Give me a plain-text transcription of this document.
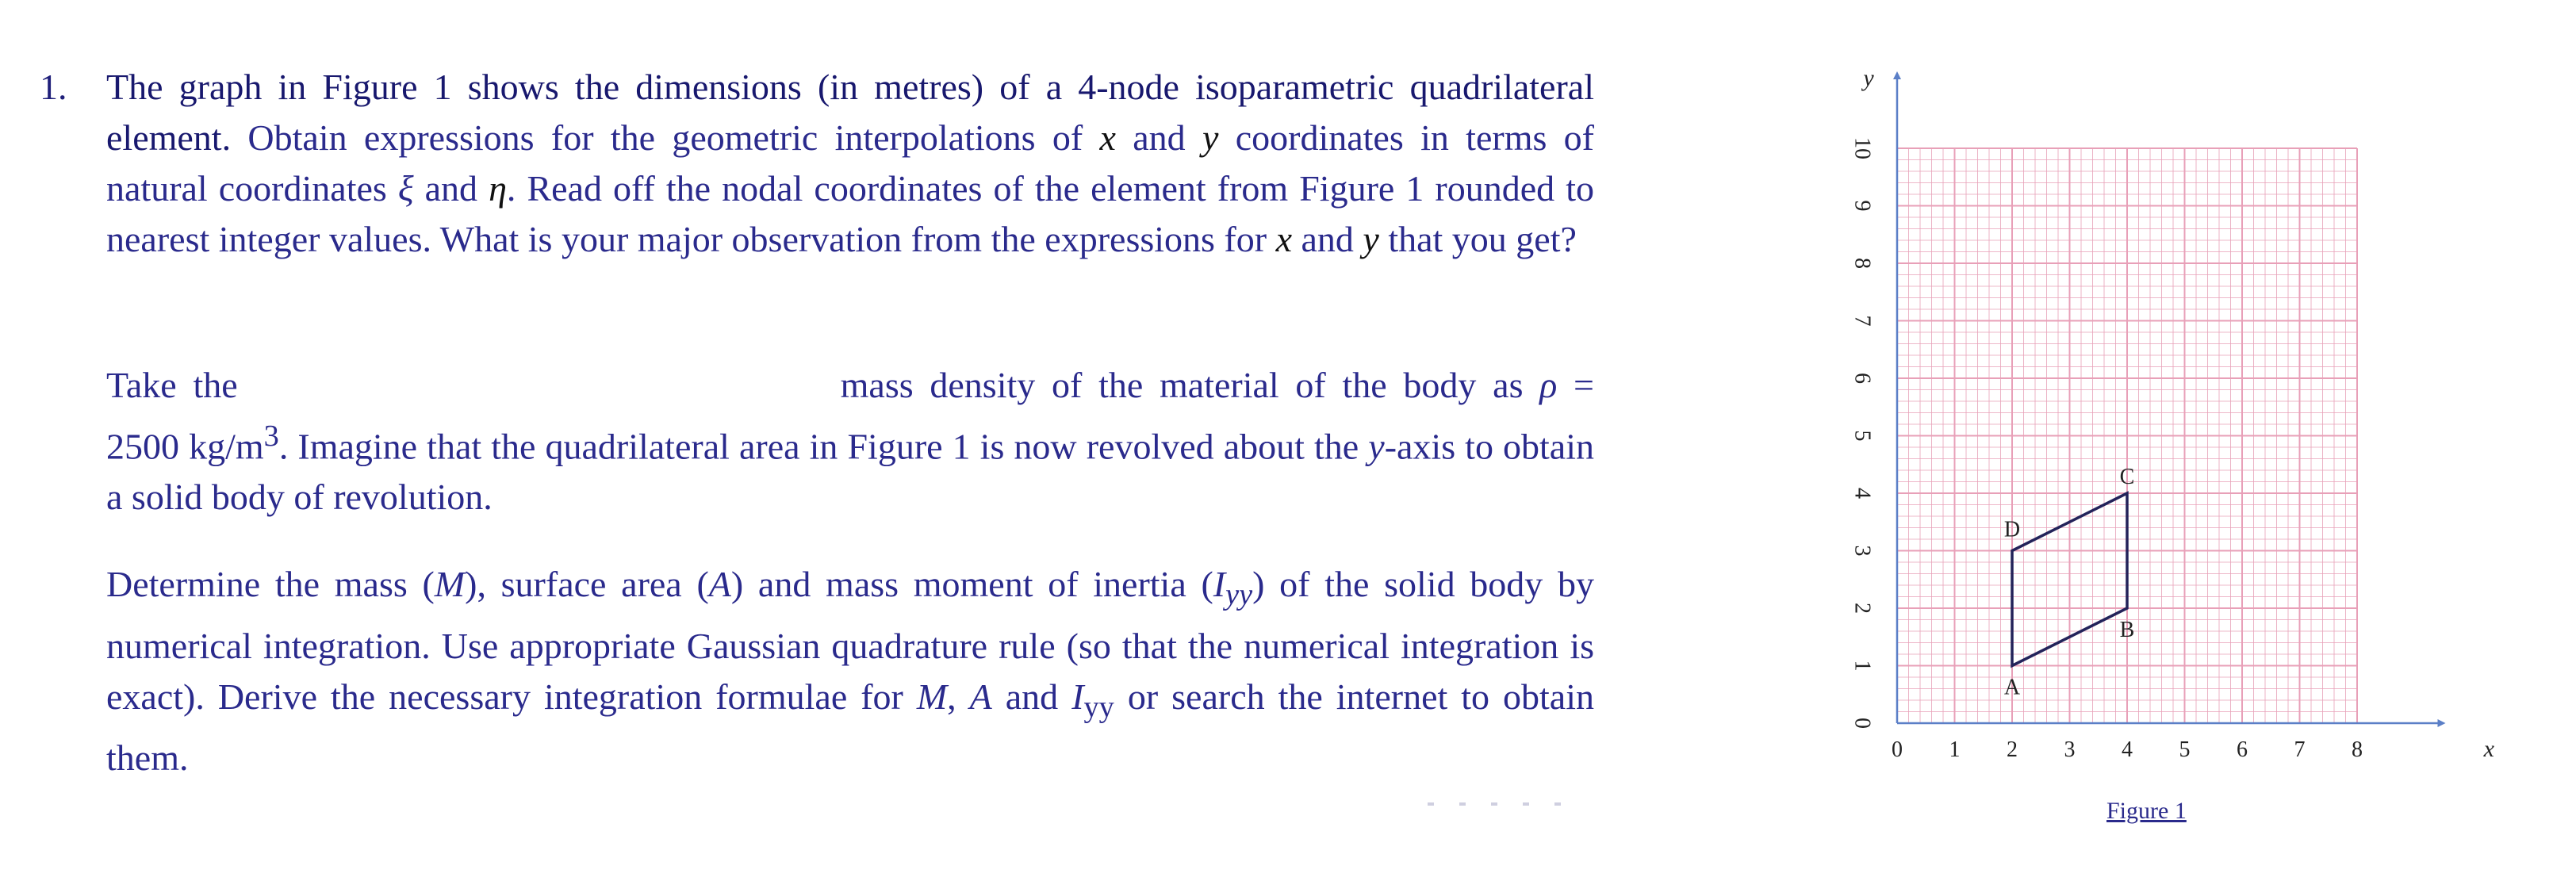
1. The graph in Figure 1 shows the dimensions (in metres) of a 4-node isoparametric quadrilateral element. Obtain expressions for the geometric interpolations of x and y coordinates in terms of natural coordinates ξ and η. Read off the nodal coordinates of the element from Figure 1 rounded to nearest integer values. What is your major observation from the expressions for x and y that you get?

Take the	mass density of the material of the body as ρ = 2500 $kg/m^3$. Imagine that the quadrilateral area in Figure 1 is now revolved about the y-axis to obtain a solid body of revolution.

Determine the mass (M), surface area (A) and mass moment of inertia $(I_{yy})$ of the solid body by numerical integration. Use appropriate Gaussian quadrature rule (so that the numerical integration is exact). Derive the necessary integration formulae for M, A and $I_{yy}$ or search the internet to obtain them.	0 1 2 3 4 5 6 7 8
0
1
2
3
4
5
6
7
8
9
10
x
y
A
B
C
D
Figure 1
